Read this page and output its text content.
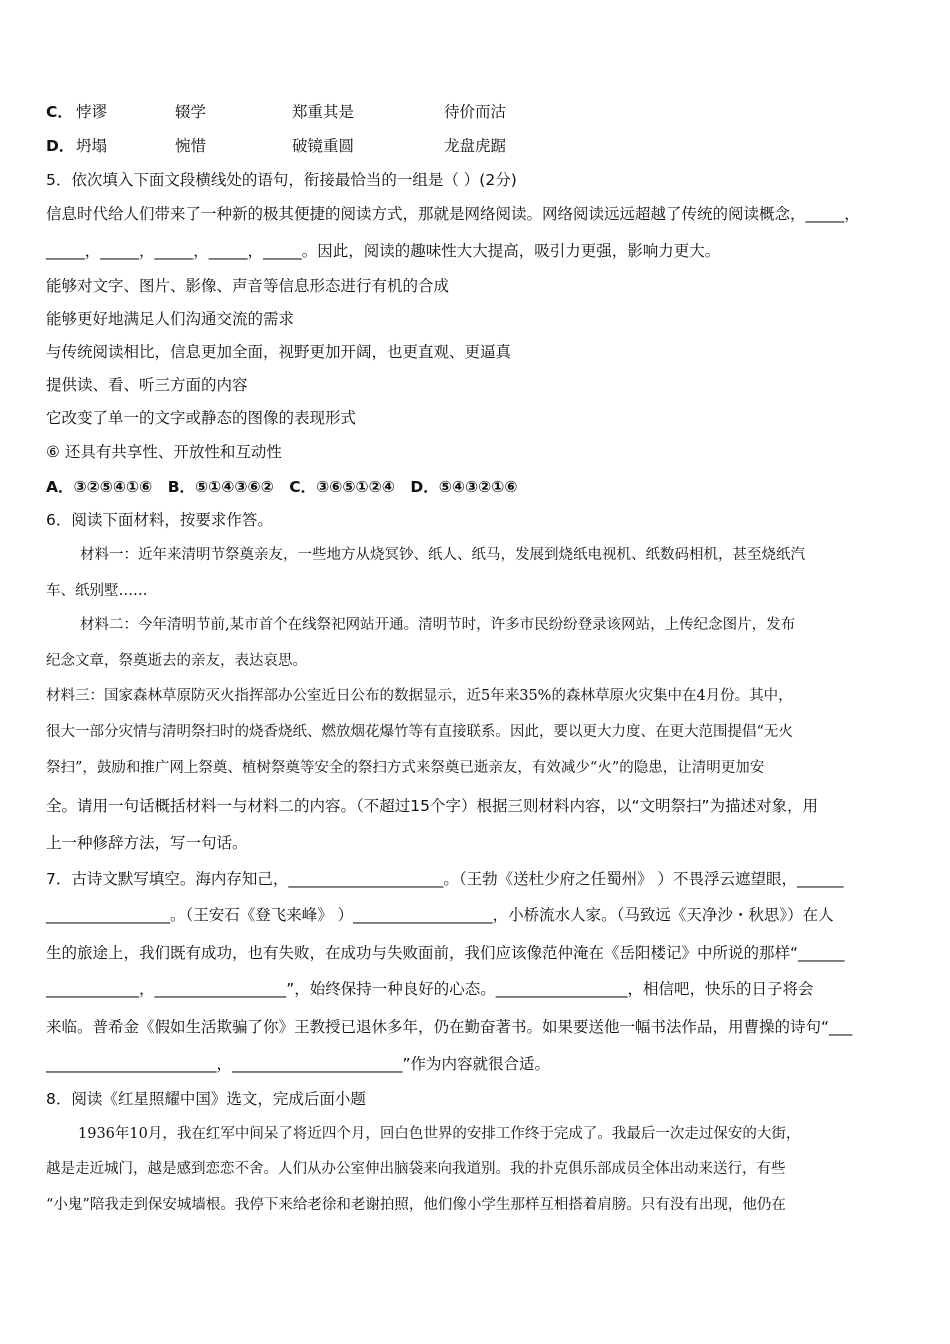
C． 悖谬	辍学	郑重其是	待价而沽
D． 坍塌	惋惜	破镜重圆	龙盘虎踞
5．依次填入下面文段横线处的语句，衔接最恰当的一组是（ ）(2分)
信息时代给人们带来了一种新的极其便捷的阅读方式，那就是网络阅读。网络阅读远远超越了传统的阅读概念，_____，
_____，_____，_____，_____，_____。因此，阅读的趣味性大大提高，吸引力更强，影响力更大。
能够对文字、图片、影像、声音等信息形态进行有机的合成
能够更好地满足人们沟通交流的需求
与传统阅读相比，信息更加全面，视野更加开阔，也更直观、更逼真
提供读、看、听三方面的内容
它改变了单一的文字或静态的图像的表现形式
⑥ 还具有共享性、开放性和互动性
A．③②⑤④①⑥　B．⑤①④③⑥②　C．③⑥⑤①②④　D．⑤④③②①⑥
6．阅读下面材料，按要求作答。
材料一：近年来清明节祭奠亲友，一些地方从烧冥钞、纸人、纸马，发展到烧纸电视机、纸数码相机，甚至烧纸汽
车、纸别墅……
材料二：今年清明节前,某市首个在线祭祀网站开通。清明节时，许多市民纷纷登录该网站，上传纪念图片，发布
纪念文章，祭奠逝去的亲友，表达哀思。
材料三：国家森林草原防灭火指挥部办公室近日公布的数据显示，近5年来35%的森林草原火灾集中在4月份。其中，
很大一部分灾情与清明祭扫时的烧香烧纸、燃放烟花爆竹等有直接联系。因此，要以更大力度、在更大范围提倡“无火
祭扫”，鼓励和推广网上祭奠、植树祭奠等安全的祭扫方式来祭奠已逝亲友，有效减少“火”的隐患，让清明更加安
全。请用一句话概括材料一与材料二的内容。（不超过15个字）根据三则材料内容，以“文明祭扫”为描述对象，用
上一种修辞方法，写一句话。
7．古诗文默写填空。海内存知己，____________________。（王勃《送杜少府之任蜀州》 ）不畏浮云遮望眼，______
________________。（王安石《登飞来峰》 ）__________________，小桥流水人家。（马致远《天净沙・秋思》）在人
生的旅途上，我们既有成功，也有失败，在成功与失败面前，我们应该像范仲淹在《岳阳楼记》中所说的那样“______
____________，_________________”，始终保持一种良好的心态。_________________，相信吧，快乐的日子将会
来临。普希金《假如生活欺骗了你》王教授已退休多年，仍在勤奋著书。如果要送他一幅书法作品，用曹操的诗句“___
______________________，______________________”作为内容就很合适。
8．阅读《红星照耀中国》选文，完成后面小题
1936年10月，我在红军中间呆了将近四个月，回白色世界的安排工作终于完成了。我最后一次走过保安的大街，
越是走近城门，越是感到恋恋不舍。人们从办公室伸出脑袋来向我道别。我的扑克俱乐部成员全体出动来送行，有些
“小鬼”陪我走到保安城墙根。我停下来给老徐和老谢拍照，他们像小学生那样互相搭着肩膀。只有没有出现，他仍在
